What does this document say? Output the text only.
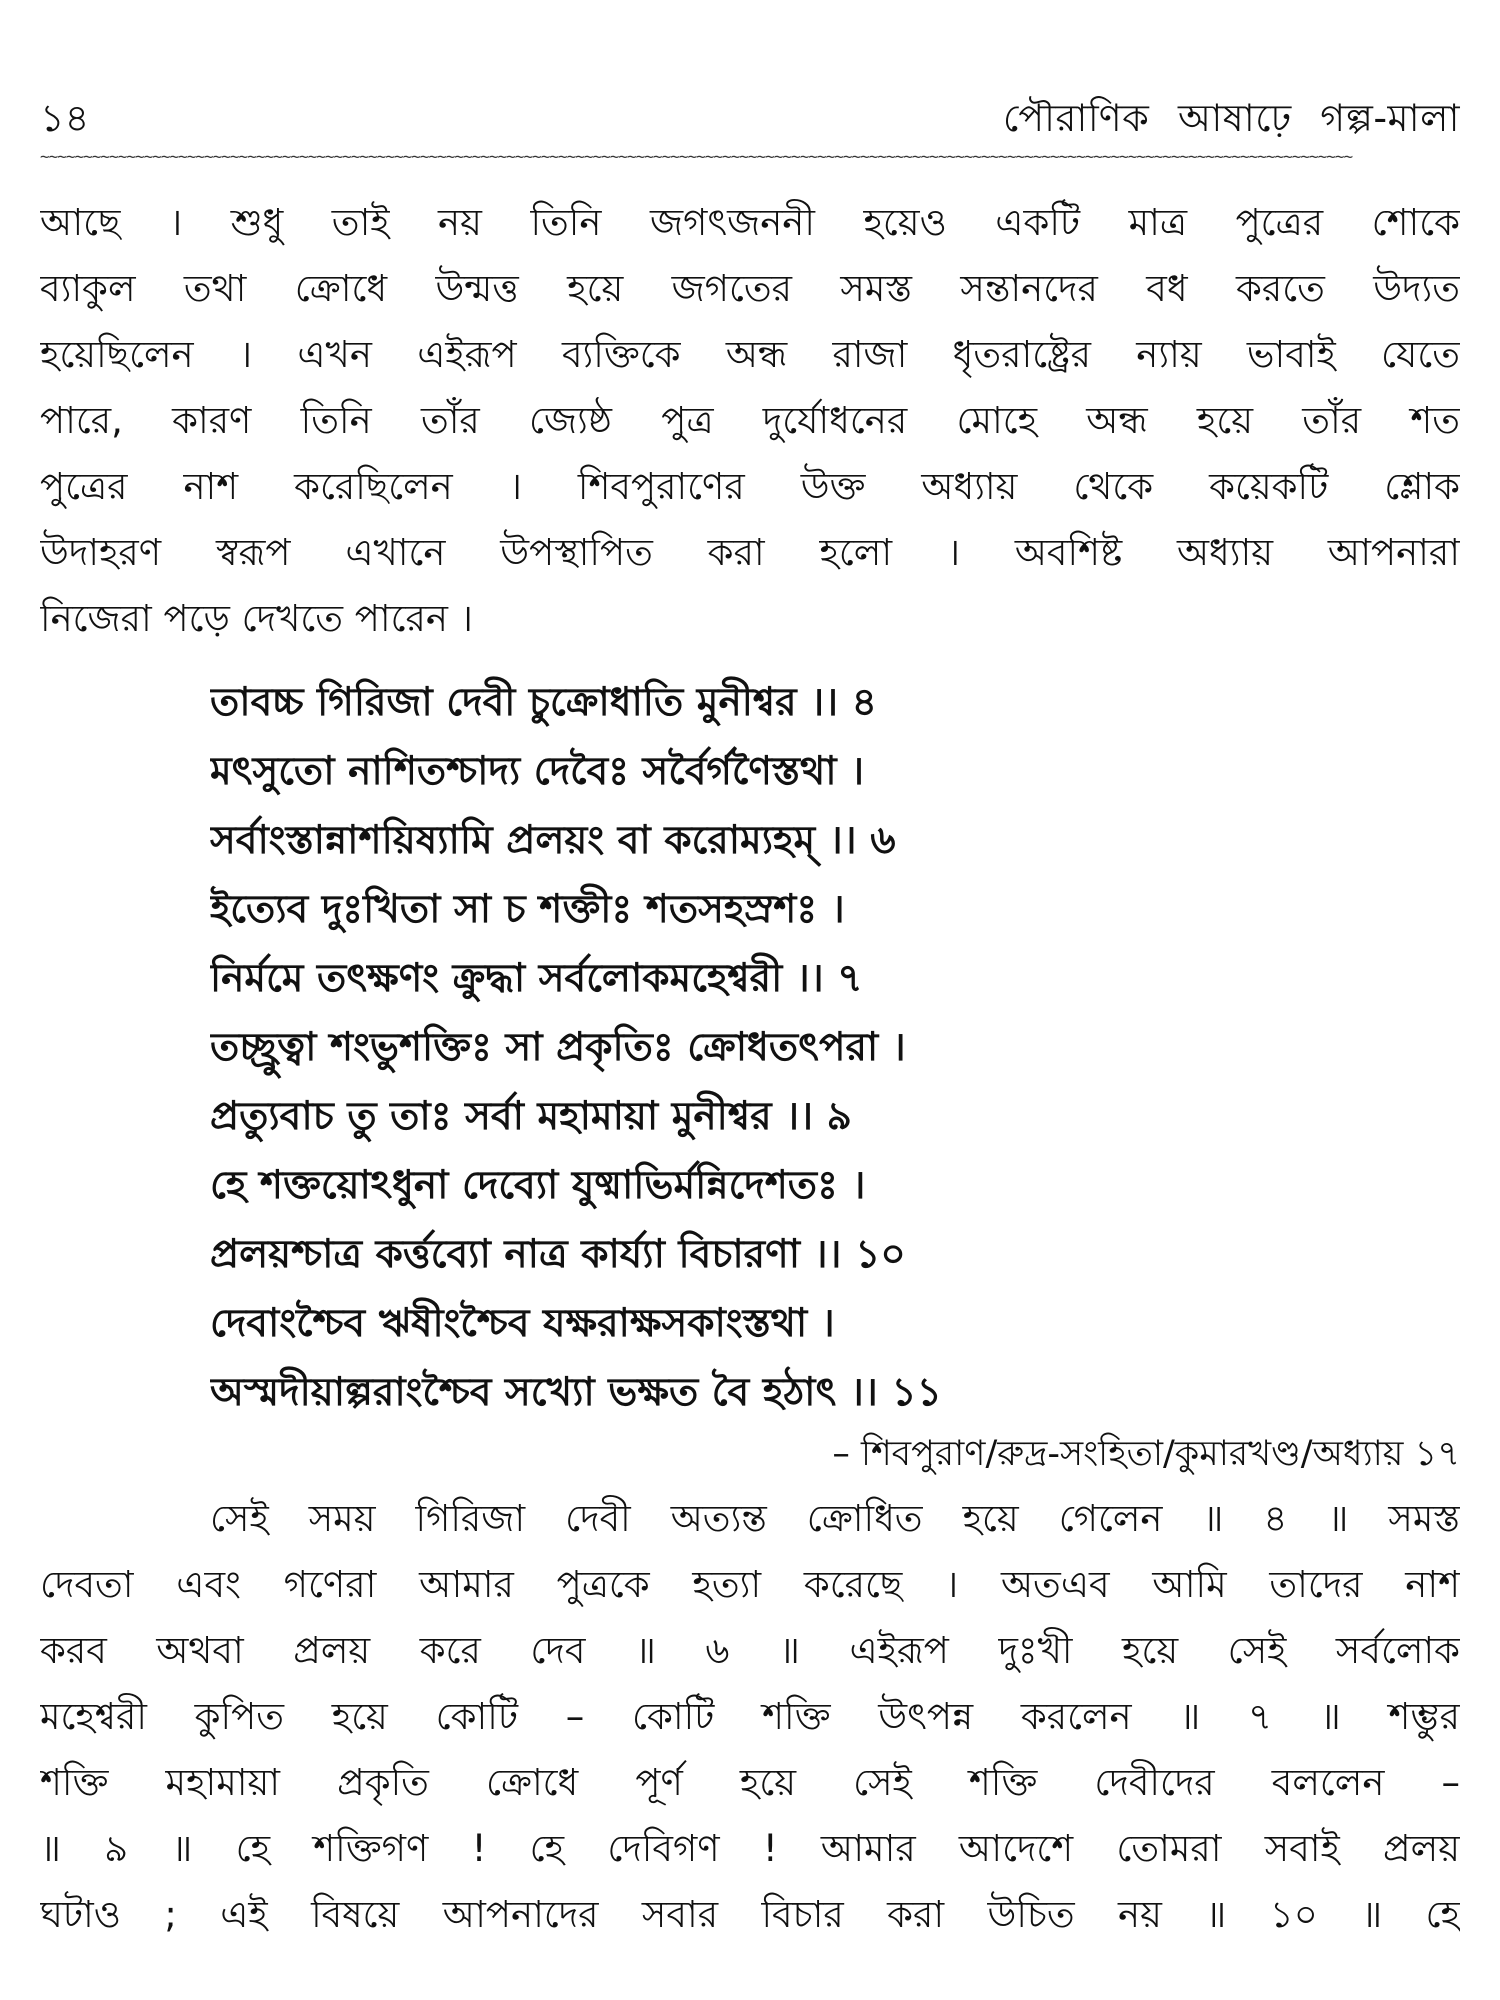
১৪	পৌরাণিক আষাঢ়ে গল্প-মালা
~~~~~~~~~~~~~~~~~~~~~~~~~~~~~~~~~~~~~~~~~~~~~~~~~~~~~~~~~~~~~~~~~~~~~~~~~~~~~~~~~~~~~~~~~~~~~~~~~~~~~~~~~~~~~~~~~~~~~~~~~~~~~~~~~~~~~~~~~~~~~~~~~~~~~~~~
আছে । শুধু তাই নয় তিনি জগৎজননী হয়েও একটি মাত্র পুত্রের শোকে
ব্যাকুল তথা ক্রোধে উন্মত্ত হয়ে জগতের সমস্ত সন্তানদের বধ করতে উদ্যত
হয়েছিলেন । এখন এইরূপ ব্যক্তিকে অন্ধ রাজা ধৃতরাষ্ট্রের ন্যায় ভাবাই যেতে
পারে, কারণ তিনি তাঁর জ্যেষ্ঠ পুত্র দুর্যোধনের মোহে অন্ধ হয়ে তাঁর শত
পুত্রের নাশ করেছিলেন । শিবপুরাণের উক্ত অধ্যায় থেকে কয়েকটি শ্লোক
উদাহরণ স্বরূপ এখানে উপস্থাপিত করা হলো । অবশিষ্ট অধ্যায় আপনারা
নিজেরা পড়ে দেখতে পারেন ।
তাবচ্চ গিরিজা দেবী চুক্রোধাতি মুনীশ্বর ।। ৪
মৎসুতো নাশিতশ্চাদ্য দেবৈঃ সর্বৈর্গণৈস্তথা ।
সর্বাংস্তান্নাশয়িষ্যামি প্রলয়ং বা করোম্যহম্ ।। ৬
ইত্যেব দুঃখিতা সা চ শক্তীঃ শতসহস্রশঃ ।
নির্মমে তৎক্ষণং ক্রুদ্ধা সর্বলোকমহেশ্বরী ।। ৭
তচ্ছ্রুত্বা শংভুশক্তিঃ সা প্রকৃতিঃ ক্রোধতৎপরা ।
প্রত্যুবাচ তু তাঃ সর্বা মহামায়া মুনীশ্বর ।। ৯
হে শক্তয়োঽধুনা দেব্যো যুষ্মাভির্মন্নিদেশতঃ ।
প্রলয়শ্চাত্র কর্ত্তব্যো নাত্র কার্য্যা বিচারণা ।। ১০
দেবাংশ্চৈব ঋষীংশ্চৈব যক্ষরাক্ষসকাংস্তথা ।
অস্মদীয়াল্পরাংশ্চৈব সখ্যো ভক্ষত বৈ হঠাৎ ।। ১১
– শিবপুরাণ/রুদ্র-সংহিতা/কুমারখণ্ড/অধ্যায় ১৭
সেই সময় গিরিজা দেবী অত্যন্ত ক্রোধিত হয়ে গেলেন ॥ ৪ ॥ সমস্ত
দেবতা এবং গণেরা আমার পুত্রকে হত্যা করেছে । অতএব আমি তাদের নাশ
করব অথবা প্রলয় করে দেব ॥ ৬ ॥ এইরূপ দুঃখী হয়ে সেই সর্বলোক
মহেশ্বরী কুপিত হয়ে কোটি – কোটি শক্তি উৎপন্ন করলেন ॥ ৭ ॥ শম্ভুর
শক্তি মহামায়া প্রকৃতি ক্রোধে পূর্ণ হয়ে সেই শক্তি দেবীদের বললেন –
॥ ৯ ॥ হে শক্তিগণ ! হে দেবিগণ ! আমার আদেশে তোমরা সবাই প্রলয়
ঘটাও ; এই বিষয়ে আপনাদের সবার বিচার করা উচিত নয় ॥ ১০ ॥ হে
